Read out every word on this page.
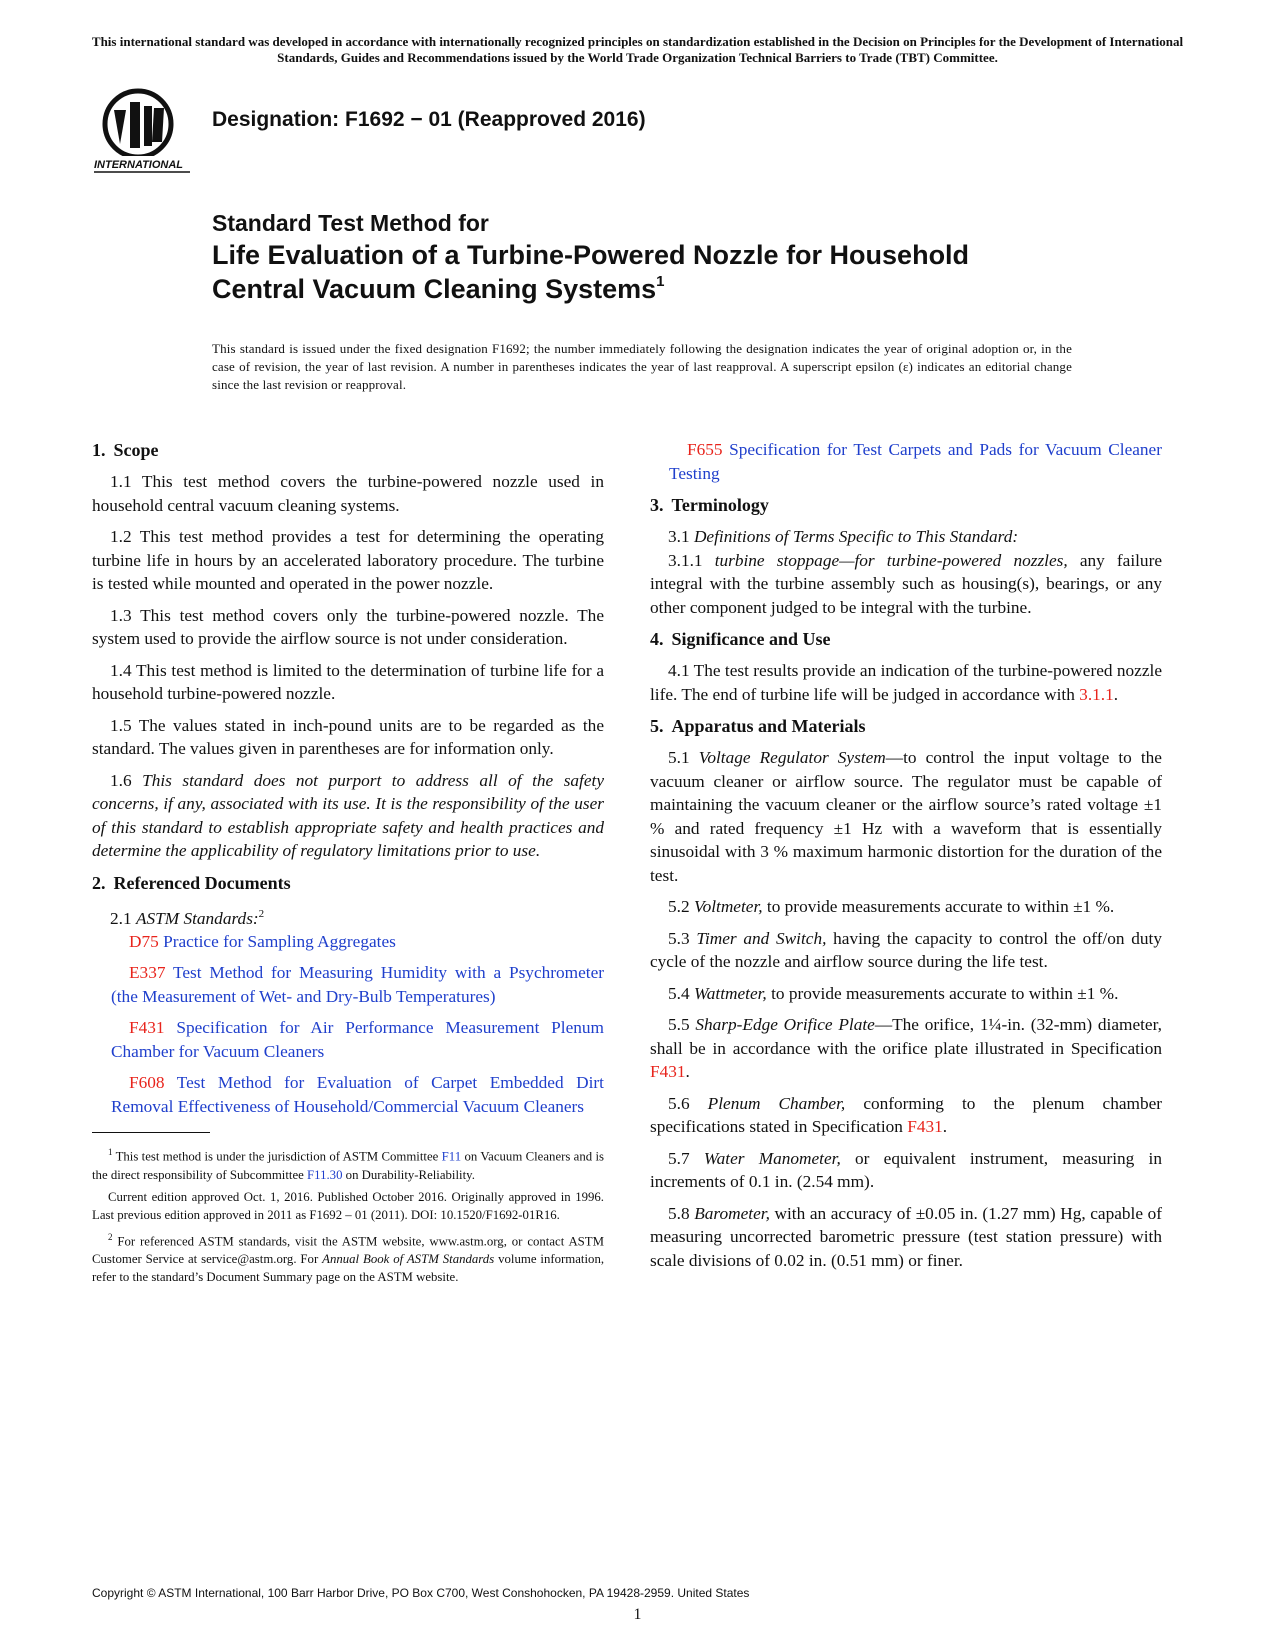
This international standard was developed in accordance with internationally recognized principles on standardization established in the Decision on Principles for the Development of International Standards, Guides and Recommendations issued by the World Trade Organization Technical Barriers to Trade (TBT) Committee.
INTERNATIONAL
Designation: F1692 − 01 (Reapproved 2016)
Standard Test Method for
Life Evaluation of a Turbine-Powered Nozzle for Household
Central Vacuum Cleaning Systems$^1$
This standard is issued under the fixed designation F1692; the number immediately following the designation indicates the year of original adoption or, in the case of revision, the year of last revision. A number in parentheses indicates the year of last reapproval. A superscript epsilon (ε) indicates an editorial change since the last revision or reapproval.
1. Scope

1.1 This test method covers the turbine-powered nozzle used in household central vacuum cleaning systems.

1.2 This test method provides a test for determining the operating turbine life in hours by an accelerated laboratory procedure. The turbine is tested while mounted and operated in the power nozzle.

1.3 This test method covers only the turbine-powered nozzle. The system used to provide the airflow source is not under consideration.

1.4 This test method is limited to the determination of turbine life for a household turbine-powered nozzle.

1.5 The values stated in inch-pound units are to be regarded as the standard. The values given in parentheses are for information only.

1.6 This standard does not purport to address all of the safety concerns, if any, associated with its use. It is the responsibility of the user of this standard to establish appropriate safety and health practices and determine the applicability of regulatory limitations prior to use.

2. Referenced Documents

2.1 ASTM Standards:$^2$

D75 Practice for Sampling Aggregates

E337 Test Method for Measuring Humidity with a Psychrometer (the Measurement of Wet- and Dry-Bulb Temperatures)

F431 Specification for Air Performance Measurement Plenum Chamber for Vacuum Cleaners

F608 Test Method for Evaluation of Carpet Embedded Dirt Removal Effectiveness of Household/Commercial Vacuum Cleaners

$^1$ This test method is under the jurisdiction of ASTM Committee F11 on Vacuum Cleaners and is the direct responsibility of Subcommittee F11.30 on Durability-Reliability.

Current edition approved Oct. 1, 2016. Published October 2016. Originally approved in 1996. Last previous edition approved in 2011 as F1692 – 01 (2011). DOI: 10.1520/F1692-01R16.

$^2$ For referenced ASTM standards, visit the ASTM website, www.astm.org, or contact ASTM Customer Service at service@astm.org. For Annual Book of ASTM Standards volume information, refer to the standard’s Document Summary page on the ASTM website.

F655 Specification for Test Carpets and Pads for Vacuum Cleaner Testing

3. Terminology

3.1 Definitions of Terms Specific to This Standard:

3.1.1 turbine stoppage—for turbine-powered nozzles, any failure integral with the turbine assembly such as housing(s), bearings, or any other component judged to be integral with the turbine.

4. Significance and Use

4.1 The test results provide an indication of the turbine-powered nozzle life. The end of turbine life will be judged in accordance with 3.1.1.

5. Apparatus and Materials

5.1 Voltage Regulator System—to control the input voltage to the vacuum cleaner or airflow source. The regulator must be capable of maintaining the vacuum cleaner or the airflow source’s rated voltage ±1 % and rated frequency ±1 Hz with a waveform that is essentially sinusoidal with 3 % maximum harmonic distortion for the duration of the test.

5.2 Voltmeter, to provide measurements accurate to within ±1 %.

5.3 Timer and Switch, having the capacity to control the off/on duty cycle of the nozzle and airflow source during the life test.

5.4 Wattmeter, to provide measurements accurate to within ±1 %.

5.5 Sharp-Edge Orifice Plate—The orifice, 1¼-in. (32-mm) diameter, shall be in accordance with the orifice plate illustrated in Specification F431.

5.6 Plenum Chamber, conforming to the plenum chamber specifications stated in Specification F431.

5.7 Water Manometer, or equivalent instrument, measuring in increments of 0.1 in. (2.54 mm).

5.8 Barometer, with an accuracy of ±0.05 in. (1.27 mm) Hg, capable of measuring uncorrected barometric pressure (test station pressure) with scale divisions of 0.02 in. (0.51 mm) or finer.

Copyright © ASTM International, 100 Barr Harbor Drive, PO Box C700, West Conshohocken, PA 19428-2959. United States
1
